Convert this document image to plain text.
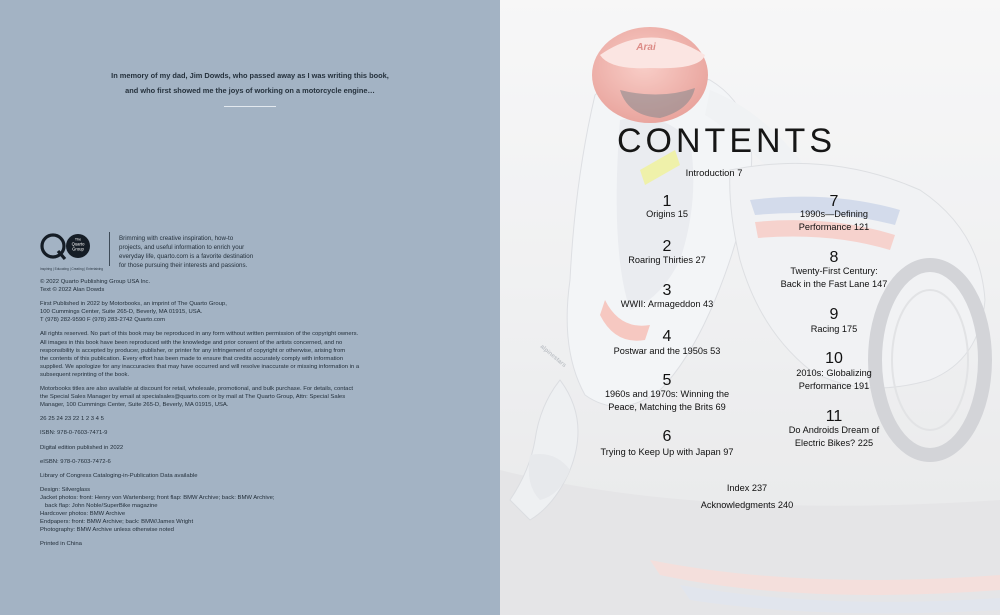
In memory of my dad, Jim Dowds, who passed away as I was writing this book,
and who first showed me the joys of working on a motorcycle engine…
The
Quarto
Group
Inspiring | Educating | Creating | Entertaining
Brimming with creative inspiration, how-to
projects, and useful information to enrich your
everyday life, quarto.com is a favorite destination
for those pursuing their interests and passions.

© 2022 Quarto Publishing Group USA Inc.
Text © 2022 Alan Dowds

First Published in 2022 by Motorbooks, an imprint of The Quarto Group,
100 Cummings Center, Suite 265-D, Beverly, MA 01915, USA.
T (978) 282-9590 F (978) 283-2742 Quarto.com

All rights reserved. No part of this book may be reproduced in any form without written permission of the copyright owners.
All images in this book have been reproduced with the knowledge and prior consent of the artists concerned, and no
responsibility is accepted by producer, publisher, or printer for any infringement of copyright or otherwise, arising from
the contents of this publication. Every effort has been made to ensure that credits accurately comply with information
supplied. We apologize for any inaccuracies that may have occurred and will resolve inaccurate or missing information in a
subsequent reprinting of the book.

Motorbooks titles are also available at discount for retail, wholesale, promotional, and bulk purchase. For details, contact
the Special Sales Manager by email at specialsales@quarto.com or by mail at The Quarto Group, Attn: Special Sales
Manager, 100 Cummings Center, Suite 265-D, Beverly, MA 01915, USA.

26 25 24 23 22 1 2 3 4 5

ISBN: 978-0-7603-7471-9

Digital edition published in 2022

eISBN: 978-0-7603-7472-6

Library of Congress Cataloging-in-Publication Data available

Design: Silverglass
Jacket photos: front: Henry von Wartenberg; front flap: BMW Archive; back: BMW Archive;
back flap: John Noble/SuperBike magazine
Hardcover photos: BMW Archive
Endpapers: front: BMW Archive; back: BMW/James Wright
Photography: BMW Archive unless otherwise noted

Printed in China

Arai
alpinestars
CONTENTS
Introduction 7
1
Origins 15
2
Roaring Thirties 27
3
WWII: Armageddon 43
4
Postwar and the 1950s 53
5
1960s and 1970s: Winning the
Peace, Matching the Brits 69
6
Trying to Keep Up with Japan 97
7
1990s—Defining
Performance 121
8
Twenty-First Century:
Back in the Fast Lane 147
9
Racing 175
10
2010s: Globalizing
Performance 191
11
Do Androids Dream of
Electric Bikes? 225
Index 237
Acknowledgments 240
